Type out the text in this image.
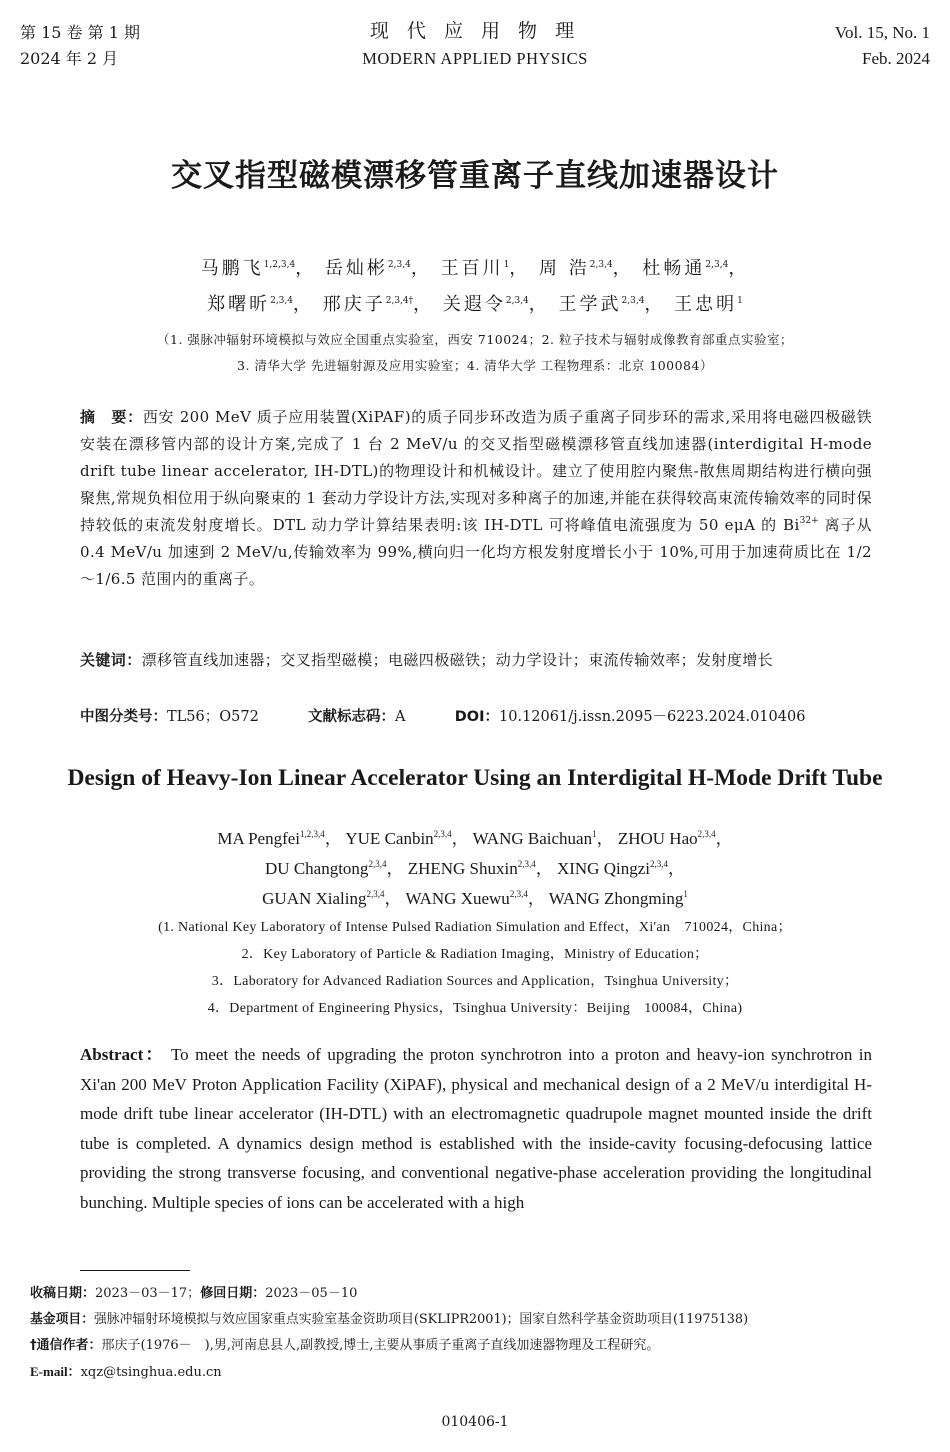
第 15 卷 第 1 期
2024 年 2 月
现 代 应 用 物 理
MODERN APPLIED PHYSICS
Vol. 15, No. 1
Feb. 2024
交叉指型磁模漂移管重离子直线加速器设计
马鹏飞$^{1,2,3,4}$， 岳灿彬$^{2,3,4}$， 王百川$^1$， 周 浩$^{2,3,4}$， 杜畅通$^{2,3,4}$，
郑曙昕$^{2,3,4}$， 邢庆子$^{2,3,4\dagger}$， 关遐令$^{2,3,4}$， 王学武$^{2,3,4}$， 王忠明$^1$
（1. 强脉冲辐射环境模拟与效应全国重点实验室，西安 710024；2. 粒子技术与辐射成像教育部重点实验室；
3. 清华大学 先进辐射源及应用实验室；4. 清华大学 工程物理系：北京 100084）
摘　要：西安 200 MeV 质子应用装置(XiPAF)的质子同步环改造为质子重离子同步环的需求,采用将电磁四极磁铁安装在漂移管内部的设计方案,完成了 1 台 2 MeV/u 的交叉指型磁模漂移管直线加速器(interdigital H-mode drift tube linear accelerator, IH-DTL)的物理设计和机械设计。建立了使用腔内聚焦-散焦周期结构进行横向强聚焦,常规负相位用于纵向聚束的 1 套动力学设计方法,实现对多种离子的加速,并能在获得较高束流传输效率的同时保持较低的束流发射度增长。DTL 动力学计算结果表明:该 IH-DTL 可将峰值电流强度为 50 eμA 的 $Bi^{32+}$ 离子从 0.4 MeV/u 加速到 2 MeV/u,传输效率为 99%,横向归一化均方根发射度增长小于 10%,可用于加速荷质比在 1/2～1/6.5 范围内的重离子。
关键词：漂移管直线加速器；交叉指型磁模；电磁四极磁铁；动力学设计；束流传输效率；发射度增长
中图分类号：TL56；O572	文献标志码：A	DOI：10.12061/j.issn.2095－6223.2024.010406
Design of Heavy-Ion Linear Accelerator Using an Interdigital H-Mode Drift Tube
MA Pengfei$^{1,2,3,4}$， YUE Canbin$^{2,3,4}$， WANG Baichuan$^1$， ZHOU Hao$^{2,3,4}$，
DU Changtong$^{2,3,4}$， ZHENG Shuxin$^{2,3,4}$， XING Qingzi$^{2,3,4}$，
GUAN Xialing$^{2,3,4}$， WANG Xuewu$^{2,3,4}$， WANG Zhongming$^1$
(1. National Key Laboratory of Intense Pulsed Radiation Simulation and Effect，Xi'an　710024，China；
2．Key Laboratory of Particle & Radiation Imaging，Ministry of Education；
3．Laboratory for Advanced Radiation Sources and Application，Tsinghua University；
4．Department of Engineering Physics，Tsinghua University：Beijing　100084，China)
Abstract： To meet the needs of upgrading the proton synchrotron into a proton and heavy-ion synchrotron in Xi'an 200 MeV Proton Application Facility (XiPAF), physical and mechanical design of a 2 MeV/u interdigital H-mode drift tube linear accelerator (IH-DTL) with an electromagnetic quadrupole magnet mounted inside the drift tube is completed. A dynamics design method is established with the inside-cavity focusing-defocusing lattice providing the strong transverse focusing, and conventional negative-phase acceleration providing the longitudinal bunching. Multiple species of ions can be accelerated with a high
收稿日期：2023－03－17；修回日期：2023－05－10
基金项目：强脉冲辐射环境模拟与效应国家重点实验室基金资助项目(SKLIPR2001)；国家自然科学基金资助项目(11975138)
†通信作者：邢庆子(1976－　),男,河南息县人,副教授,博士,主要从事质子重离子直线加速器物理及工程研究。
E-mail：xqz@tsinghua.edu.cn
010406-1
